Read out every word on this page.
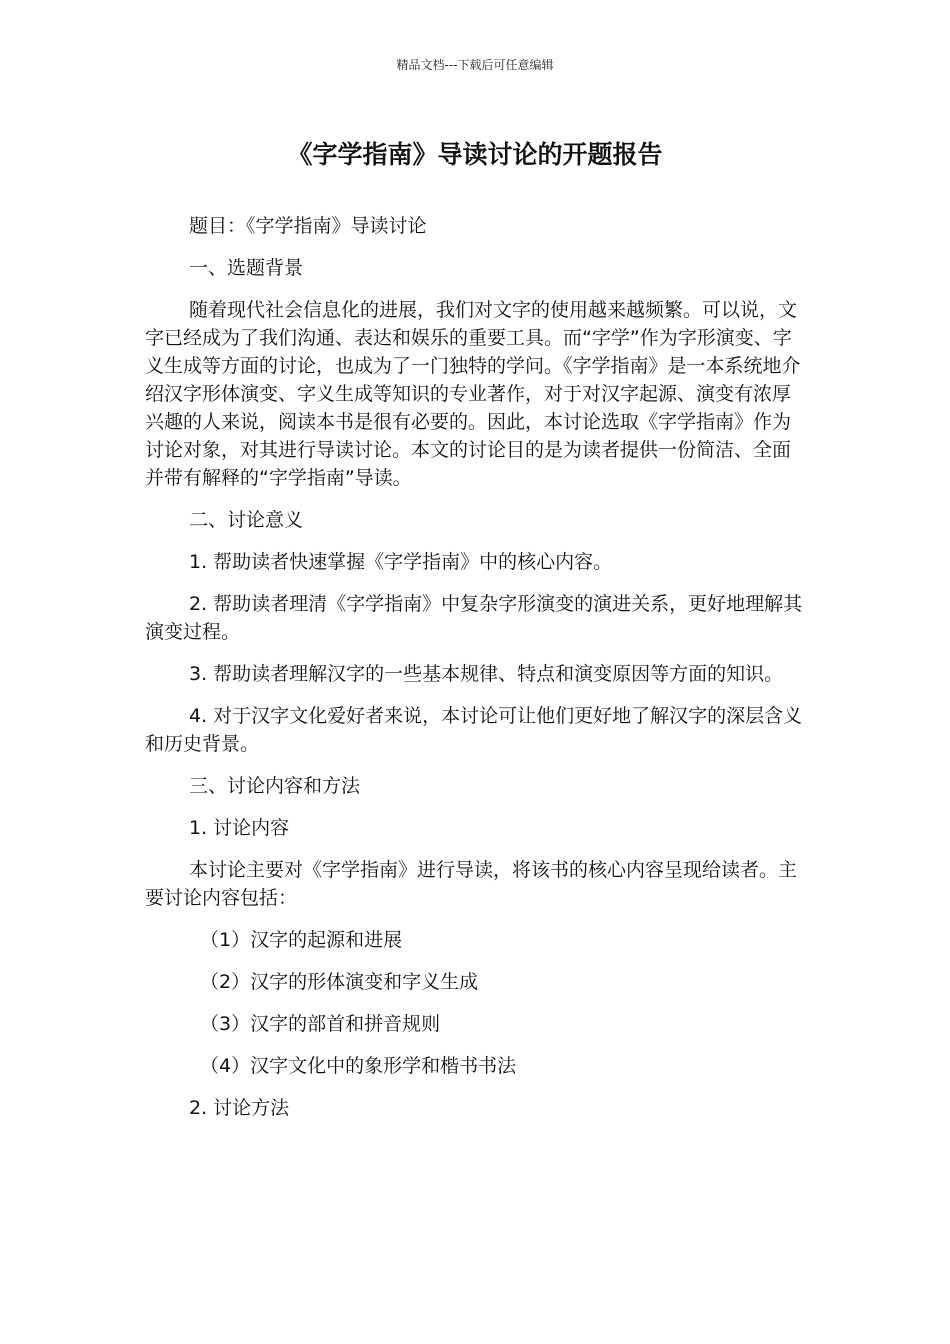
精品文档---下载后可任意编辑
《字学指南》导读讨论的开题报告

题目：《字学指南》导读讨论

一、选题背景

随着现代社会信息化的进展，我们对文字的使用越来越频繁。可以说，文字已经成为了我们沟通、表达和娱乐的重要工具。而“字学”作为字形演变、字义生成等方面的讨论，也成为了一门独特的学问。《字学指南》是一本系统地介绍汉字形体演变、字义生成等知识的专业著作，对于对汉字起源、演变有浓厚兴趣的人来说，阅读本书是很有必要的。因此，本讨论选取《字学指南》作为讨论对象，对其进行导读讨论。本文的讨论目的是为读者提供一份简洁、全面并带有解释的“字学指南”导读。

二、讨论意义

1. 帮助读者快速掌握《字学指南》中的核心内容。

2. 帮助读者理清《字学指南》中复杂字形演变的演进关系，更好地理解其演变过程。

3. 帮助读者理解汉字的一些基本规律、特点和演变原因等方面的知识。

4. 对于汉字文化爱好者来说，本讨论可让他们更好地了解汉字的深层含义和历史背景。

三、讨论内容和方法

1. 讨论内容

本讨论主要对《字学指南》进行导读，将该书的核心内容呈现给读者。主要讨论内容包括：

（1）汉字的起源和进展

（2）汉字的形体演变和字义生成

（3）汉字的部首和拼音规则

（4）汉字文化中的象形学和楷书书法

2. 讨论方法
